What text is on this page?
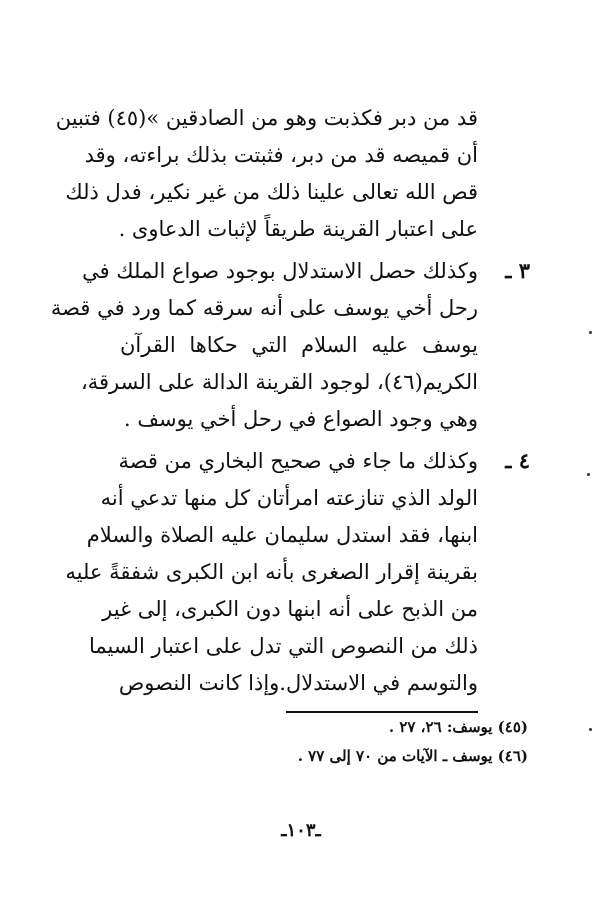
قد من دبر فكذبت وهو من الصادقين »(٤٥) فتبين
أن قميصه قد من دبر، فثبتت بذلك براءته، وقد
قص الله تعالى علينا ذلك من غير نكير، فدل ذلك
على اعتبار القرينة طريقاً لإثبات الدعاوى .
٣ ـ
وكذلك حصل الاستدلال بوجود صواع الملك في
رحل أخي يوسف على أنه سرقه كما ورد في قصة
يوسف عليه السلام التي حكاها القرآن
الكريم(٤٦)، لوجود القرينة الدالة على السرقة،
وهي وجود الصواع في رحل أخي يوسف .
٤ ـ
وكذلك ما جاء في صحيح البخاري من قصة
الولد الذي تنازعته امرأتان كل منها تدعي أنه
ابنها، فقد استدل سليمان عليه الصلاة والسلام
بقرينة إقرار الصغرى بأنه ابن الكبرى شفقةً عليه
من الذبح على أنه ابنها دون الكبرى، إلى غير
ذلك من النصوص التي تدل على اعتبار السيما
والتوسم في الاستدلال.وإذا كانت النصوص
(٤٥) يوسف: ٢٦، ٢٧ .
(٤٦) يوسف ـ الآيات من ٧٠ إلى ٧٧ .
ـ١٠٣ـ
